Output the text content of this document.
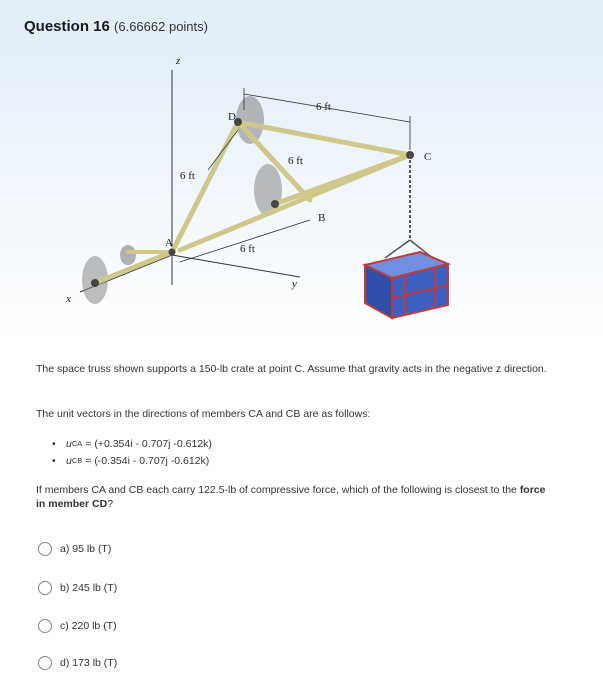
Question 16 (6.66662 points)
z
x
y
A
B
C
D
6 ft
6 ft
6 ft
6 ft
The space truss shown supports a 150-lb crate at point C. Assume that gravity acts in the negative z direction.
The unit vectors in the directions of members CA and CB are as follows:
• u CA = (+0.354i - 0.707j -0.612k)
• u CB = (-0.354i - 0.707j -0.612k)
If members CA and CB each carry 122.5-lb of compressive force, which of the following is closest to the force in member CD?
a) 95 lb (T)
b) 245 lb (T)
c) 220 lb (T)
d) 173 lb (T)
